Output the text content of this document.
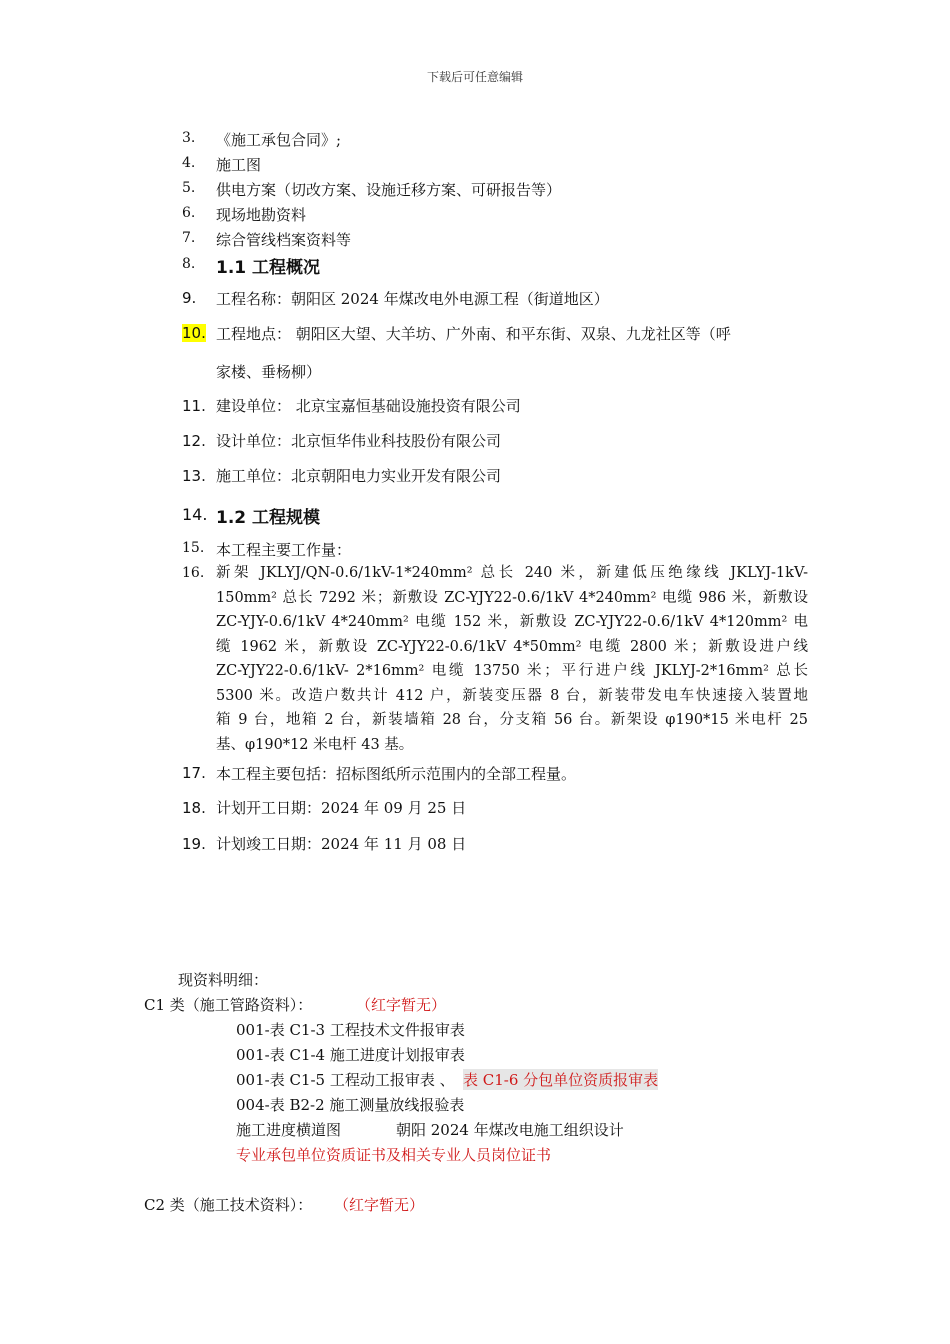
下载后可任意编辑
3. 《施工承包合同》;
4. 施工图
5. 供电方案（切改方案、设施迁移方案、可研报告等）
6. 现场地勘资料
7. 综合管线档案资料等
8. 1.1 工程概况
9. 工程名称：朝阳区 2024 年煤改电外电源工程（街道地区）
10. 工程地点： 朝阳区大望、大羊坊、广外南、和平东街、双泉、九龙社区等（呼
家楼、垂杨柳）
11. 建设单位： 北京宝嘉恒基础设施投资有限公司
12. 设计单位：北京恒华伟业科技股份有限公司
13. 施工单位：北京朝阳电力实业开发有限公司
14. 1.2 工程规模
15. 本工程主要工作量：
16. 新架 JKLYJ/QN-0.6/1kV-1*240mm² 总长 240 米，新建低压绝缘线 JKLYJ-1kV-
150mm² 总长 7292 米；新敷设 ZC-YJY22-0.6/1kV 4*240mm² 电缆 986 米，新敷设
ZC-YJY-0.6/1kV 4*240mm² 电缆 152 米，新敷设 ZC-YJY22-0.6/1kV 4*120mm² 电
缆 1962 米，新敷设 ZC-YJY22-0.6/1kV 4*50mm² 电缆 2800 米；新敷设进户线
ZC-YJY22-0.6/1kV- 2*16mm² 电缆 13750 米；平行进户线 JKLYJ-2*16mm² 总长
5300 米。改造户数共计 412 户，新装变压器 8 台，新装带发电车快速接入装置地
箱 9 台，地箱 2 台，新装墙箱 28 台，分支箱 56 台。新架设 φ190*15 米电杆 25
基、φ190*12 米电杆 43 基。
17. 本工程主要包括：招标图纸所示范围内的全部工程量。
18. 计划开工日期：2024 年 09 月 25 日
19. 计划竣工日期：2024 年 11 月 08 日
现资料明细：
C1 类（施工管路资料）：	（红字暂无）
001-表 C1-3 工程技术文件报审表
001-表 C1-4 施工进度计划报审表
001-表 C1-5 工程动工报审表 、 表 C1-6 分包单位资质报审表
004-表 B2-2 施工测量放线报验表
施工进度横道图	朝阳 2024 年煤改电施工组织设计
专业承包单位资质证书及相关专业人员岗位证书
C2 类（施工技术资料）： （红字暂无）
